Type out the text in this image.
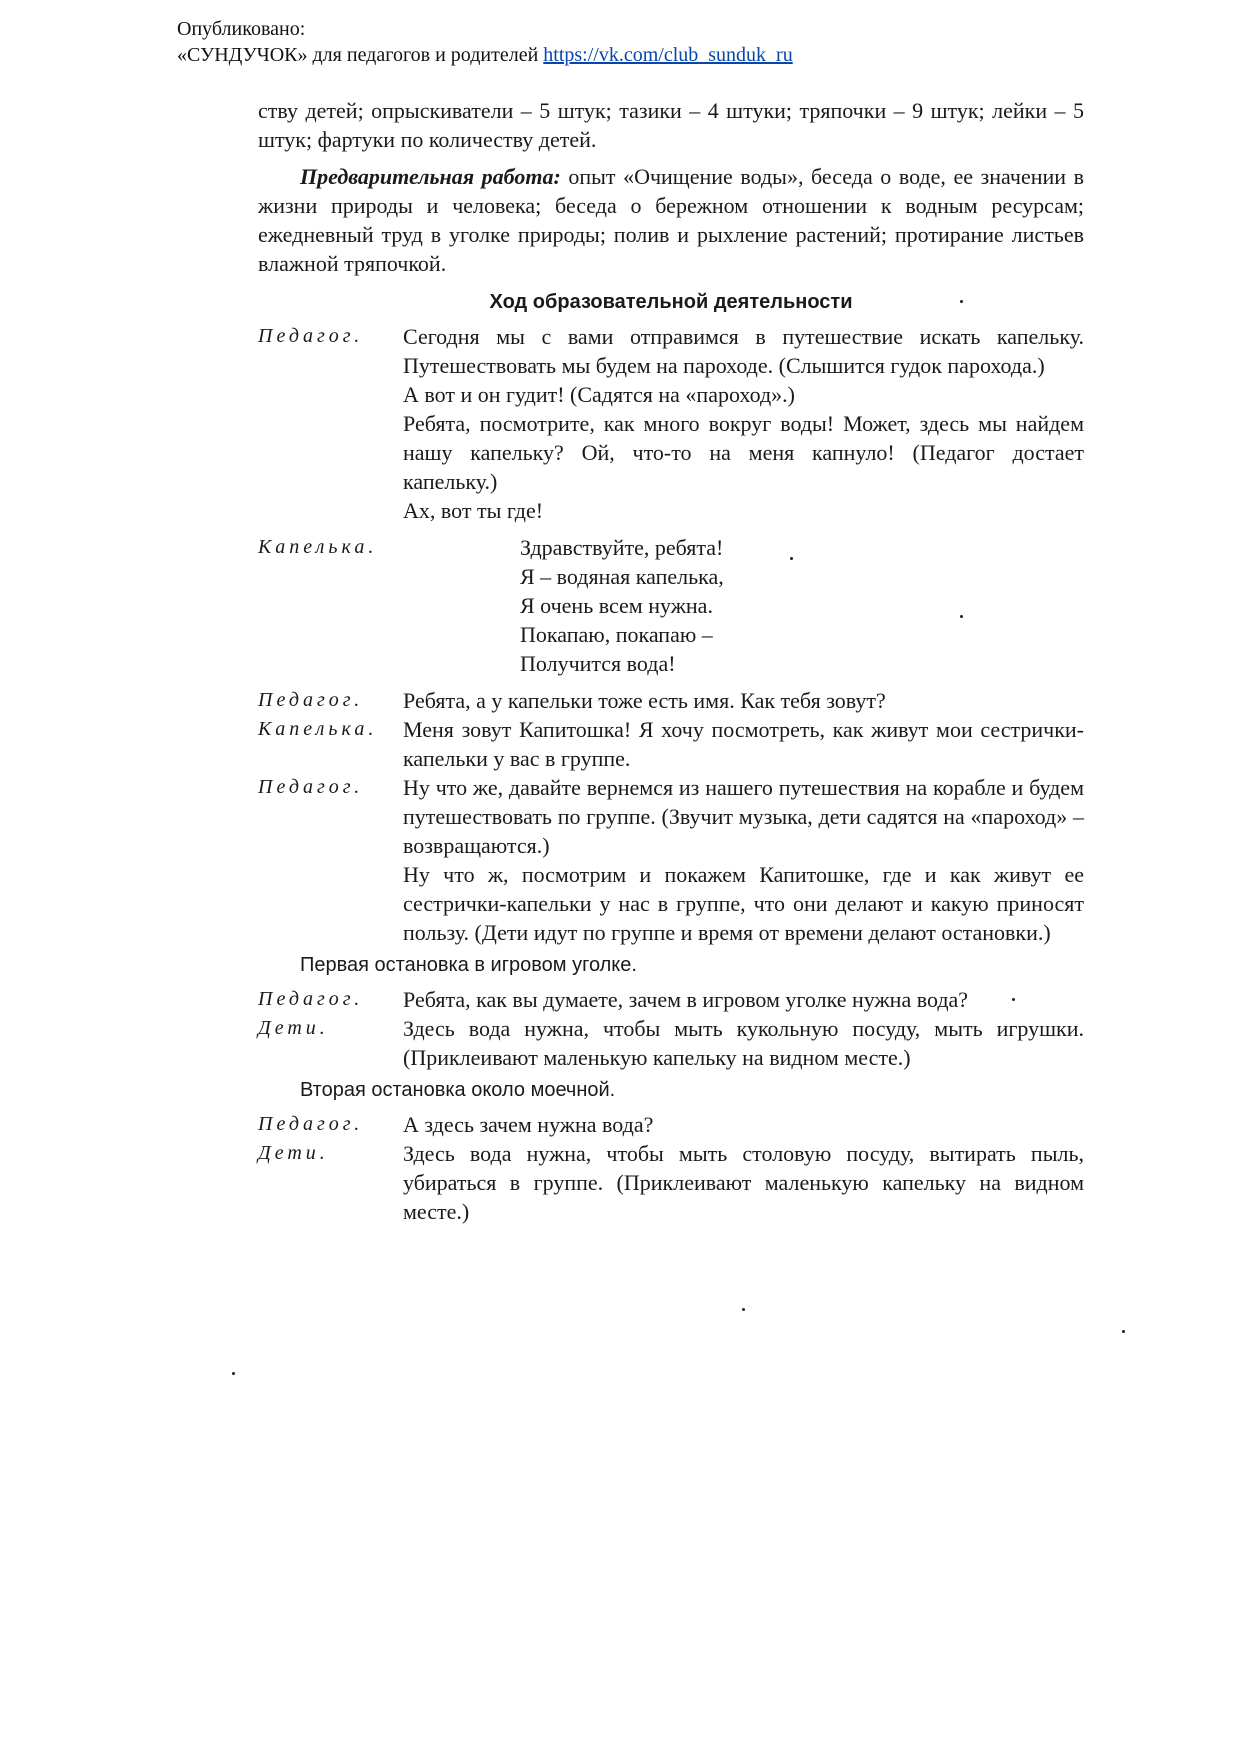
Опубликовано:
«СУНДУЧОК» для педагогов и родителей https://vk.com/club_sunduk_ru

ству детей; опрыскиватели – 5 штук; тазики – 4 штуки; тряпочки – 9 штук; лейки – 5 штук; фартуки по количеству детей.

Предварительная работа: опыт «Очищение воды», беседа о воде, ее значении в жизни природы и человека; беседа о бережном отношении к водным ресурсам; ежедневный труд в уголке природы; полив и рыхление растений; протирание листьев влажной тряпочкой.

Ход образовательной деятельности
Педагог.	Сегодня мы с вами отправимся в путешествие искать капельку. Путешествовать мы будем на пароходе. (Слышится гудок парохода.)

А вот и он гудит! (Садятся на «пароход».)

Ребята, посмотрите, как много вокруг воды! Может, здесь мы найдем нашу капельку? Ой, что-то на меня капнуло! (Педагог достает капельку.)

Ах, вот ты где!

Капелька.	Здравствуйте, ребята!

Я – водяная капелька,

Я очень всем нужна.

Покапаю, покапаю –

Получится вода!

Педагог.	Ребята, а у капельки тоже есть имя. Как тебя зовут?
Капелька.	Меня зовут Капитошка! Я хочу посмотреть, как живут мои сестрички-капельки у вас в группе.
Педагог.	Ну что же, давайте вернемся из нашего путешествия на корабле и будем путешествовать по группе. (Звучит музыка, дети садятся на «пароход» – возвращаются.)

Ну что ж, посмотрим и покажем Капитошке, где и как живут ее сестрички-капельки у нас в группе, что они делают и какую приносят пользу. (Дети идут по группе и время от времени делают остановки.)

Первая остановка в игровом уголке.
Педагог.	Ребята, как вы думаете, зачем в игровом уголке нужна вода?
Дети.	Здесь вода нужна, чтобы мыть кукольную посуду, мыть игрушки. (Приклеивают маленькую капельку на видном месте.)
Вторая остановка около моечной.
Педагог.	А здесь зачем нужна вода?
Дети.	Здесь вода нужна, чтобы мыть столовую посуду, вытирать пыль, убираться в группе. (Приклеивают маленькую капельку на видном месте.)
